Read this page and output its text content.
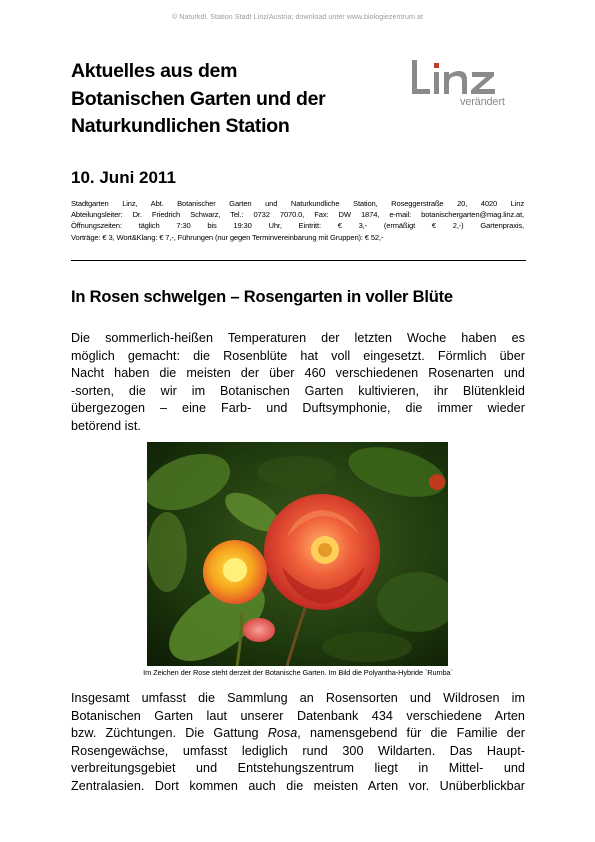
© Naturkdl. Station Stadt Linz/Austria; download unter www.biologiezentrum.at
Aktuelles aus dem
Botanischen Garten und der
Naturkundlichen Station
verändert
10. Juni 2011
Stadtgarten Linz, Abt. Botanischer Garten und Naturkundliche Station, Roseggerstraße 20, 4020 Linz
Abteilungsleiter: Dr. Friedrich Schwarz, Tel.: 0732 7070.0, Fax: DW 1874, e-mail: botanischergarten@mag.linz.at,
Öffnungszeiten: täglich 7:30 bis 19:30 Uhr, Eintritt: € 3,- (ermäßigt € 2,-) Gartenpraxis,
Vorträge: € 3, Wort&Klang: € 7,-, Führungen (nur gegen Terminvereinbarung mit Gruppen): € 52,-
In Rosen schwelgen – Rosengarten in voller Blüte
Die sommerlich-heißen Temperaturen der letzten Woche haben es
möglich gemacht: die Rosenblüte hat voll eingesetzt. Förmlich über
Nacht haben die meisten der über 460 verschiedenen Rosenarten und
-sorten, die wir im Botanischen Garten kultivieren, ihr Blütenkleid
übergezogen – eine Farb- und Duftsymphonie, die immer wieder
betörend ist.
Im Zeichen der Rose steht derzeit der Botanische Garten. Im Bild die Polyantha-Hybride `Rumba`
Insgesamt umfasst die Sammlung an Rosensorten und Wildrosen im
Botanischen Garten laut unserer Datenbank 434 verschiedene Arten
bzw. Züchtungen. Die Gattung Rosa, namensgebend für die Familie der
Rosengewächse, umfasst lediglich rund 300 Wildarten. Das Haupt-
verbreitungsgebiet und Entstehungszentrum liegt in Mittel- und
Zentralasien. Dort kommen auch die meisten Arten vor. Unüberblickbar
